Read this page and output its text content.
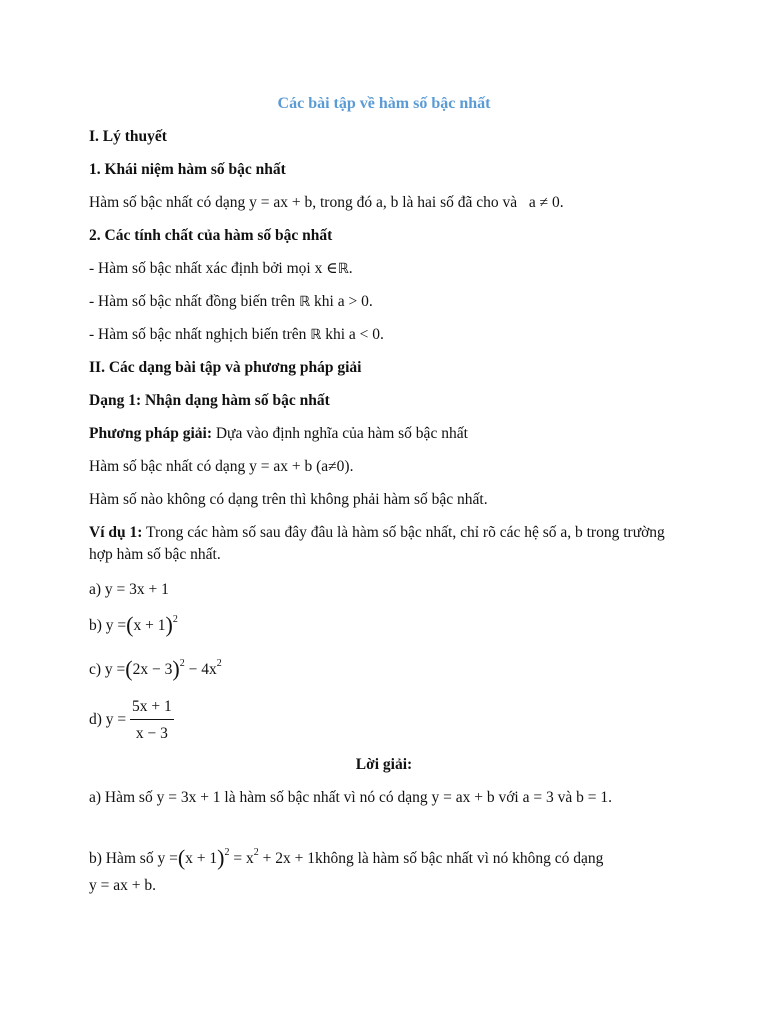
Các bài tập về hàm số bậc nhất
I. Lý thuyết
1. Khái niệm hàm số bậc nhất
Hàm số bậc nhất có dạng y = ax + b, trong đó a, b là hai số đã cho và a ≠ 0.
2. Các tính chất của hàm số bậc nhất
- Hàm số bậc nhất xác định bởi mọi x ∈ℝ.
- Hàm số bậc nhất đồng biến trên ℝ khi a > 0.
- Hàm số bậc nhất nghịch biến trên ℝ khi a < 0.
II. Các dạng bài tập và phương pháp giải
Dạng 1: Nhận dạng hàm số bậc nhất
Phương pháp giải: Dựa vào định nghĩa của hàm số bậc nhất
Hàm số bậc nhất có dạng y = ax + b (a≠0).
Hàm số nào không có dạng trên thì không phải hàm số bậc nhất.
Ví dụ 1: Trong các hàm số sau đây đâu là hàm số bậc nhất, chỉ rõ các hệ số a, b trong trường hợp hàm số bậc nhất.
a) y = 3x + 1
b) $y =(x + 1)^2$
c) $y =(2x - 3)^2 - 4x^2$
d) $y = \frac{5x + 1}{x - 3}$
Lời giải:
a) Hàm số y = 3x + 1 là hàm số bậc nhất vì nó có dạng y = ax + b với a = 3 và b = 1.
b) Hàm số $y =(x + 1)^2 = x^2 + 2x$ + 1không là hàm số bậc nhất vì nó không có dạng
y = ax + b.
